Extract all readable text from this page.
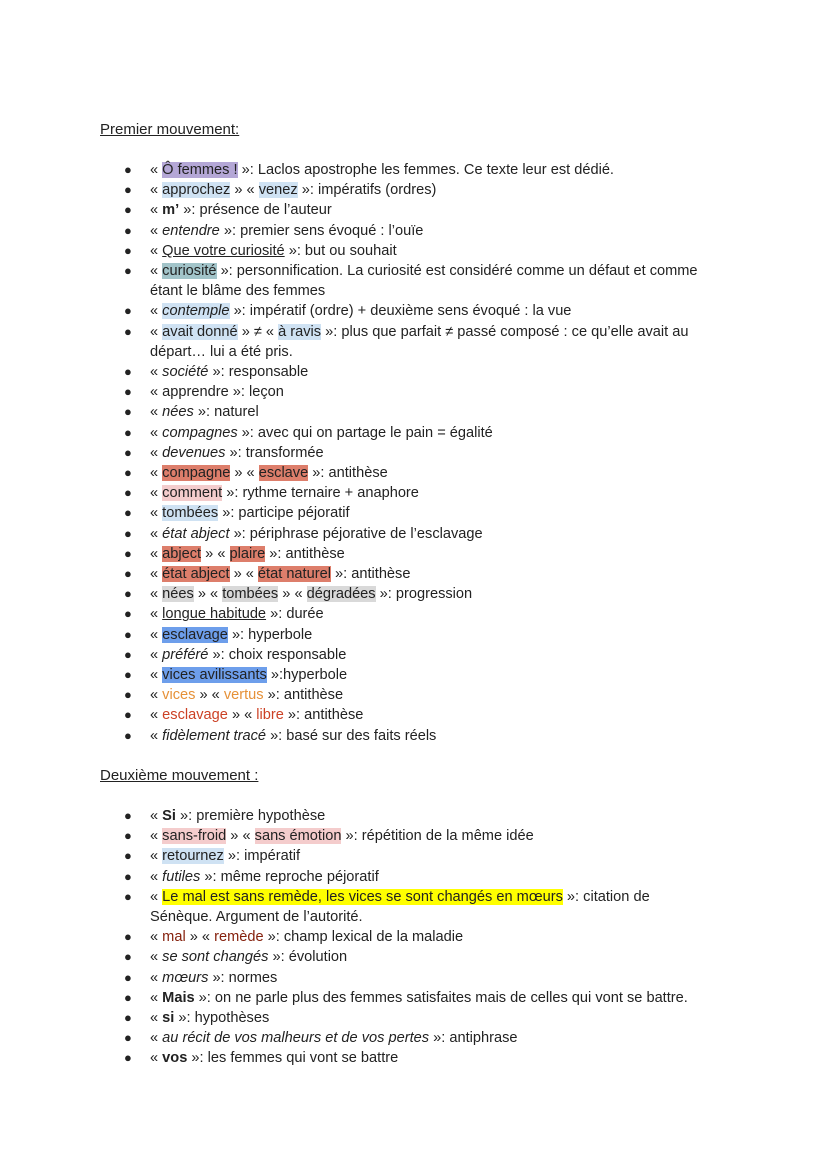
Premier mouvement:
● « Ô femmes ! »: Laclos apostrophe les femmes. Ce texte leur est dédié.
● « approchez » « venez »: impératifs (ordres)
● « m’ »: présence de l’auteur
● « entendre »: premier sens évoqué : l’ouïe
● « Que votre curiosité »: but ou souhait
● « curiosité »: personnification. La curiosité est considéré comme un défaut et comme
étant le blâme des femmes
● « contemple »: impératif (ordre) + deuxième sens évoqué : la vue
● « avait donné » ≠ « à ravis »: plus que parfait ≠ passé composé : ce qu’elle avait au
départ… lui a été pris.
● « société »: responsable
● « apprendre »: leçon
● « nées »: naturel
● « compagnes »: avec qui on partage le pain = égalité
● « devenues »: transformée
● « compagne » « esclave »: antithèse
● « comment »: rythme ternaire + anaphore
● « tombées »: participe péjoratif
● « état abject »: périphrase péjorative de l’esclavage
● « abject » « plaire »: antithèse
● « état abject » « état naturel »: antithèse
● « nées » « tombées » « dégradées »: progression
● « longue habitude »: durée
● « esclavage »: hyperbole
● « préféré »: choix responsable
● « vices avilissants »:hyperbole
● « vices » « vertus »: antithèse
● « esclavage » « libre »: antithèse
● « fidèlement tracé »: basé sur des faits réels
Deuxième mouvement :
● « Si »: première hypothèse
● « sans-froid » « sans émotion »: répétition de la même idée
● « retournez »: impératif
● « futiles »: même reproche péjoratif
● « Le mal est sans remède, les vices se sont changés en mœurs »: citation de
Sénèque. Argument de l’autorité.
● « mal » « remède »: champ lexical de la maladie
● « se sont changés »: évolution
● « mœurs »: normes
● « Mais »: on ne parle plus des femmes satisfaites mais de celles qui vont se battre.
● « si »: hypothèses
● « au récit de vos malheurs et de vos pertes »: antiphrase
● « vos »: les femmes qui vont se battre
